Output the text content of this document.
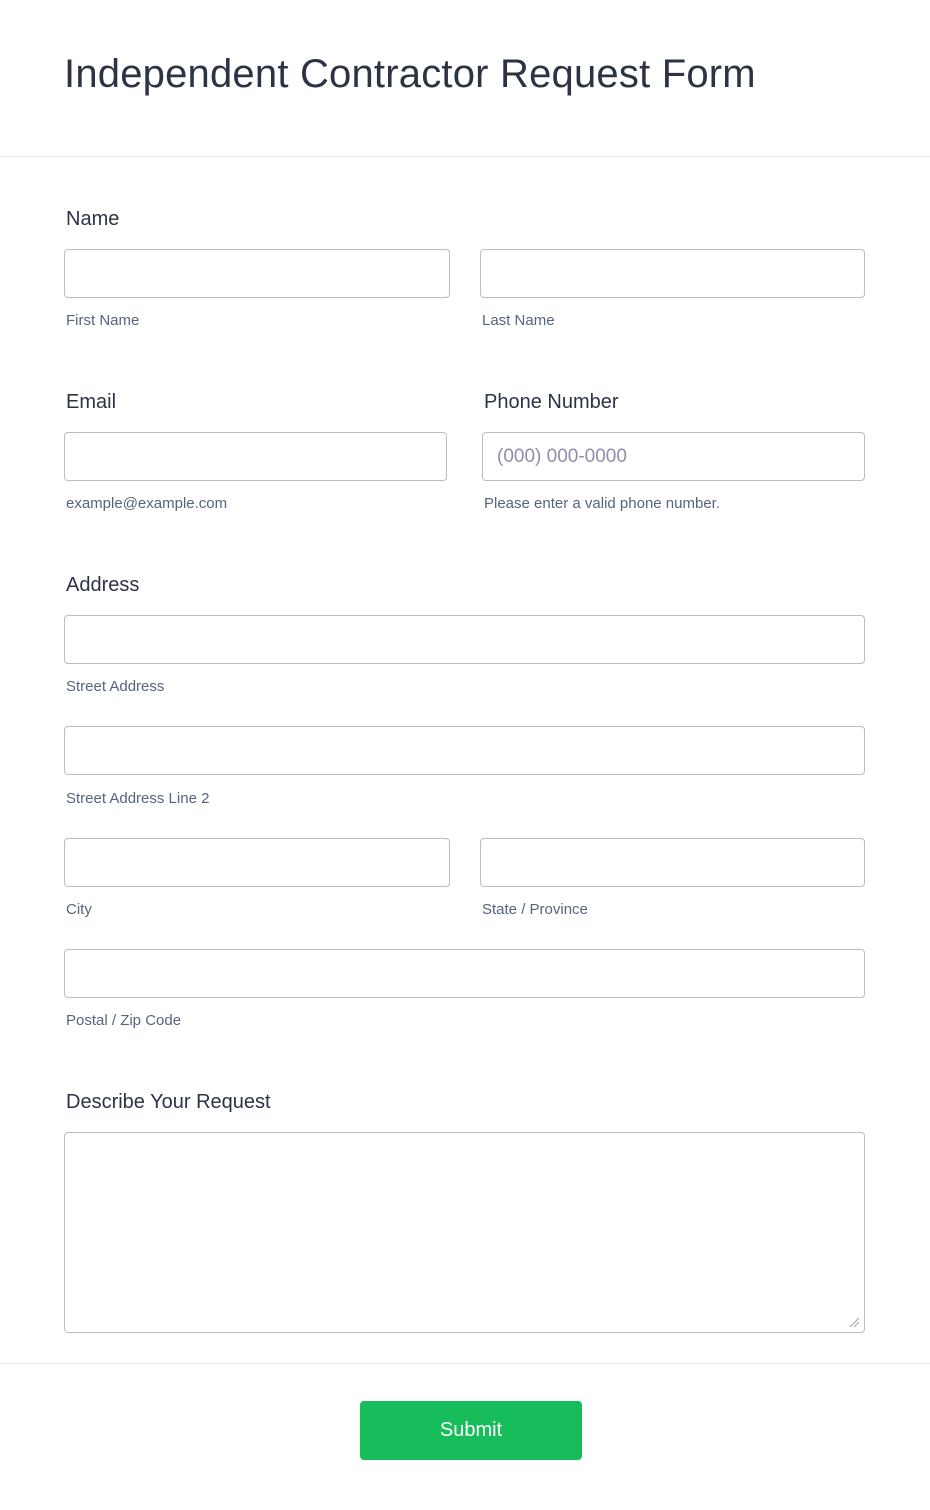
Independent Contractor Request Form
Name
First Name	Last Name
Email	Phone Number
(000) 000-0000
example@example.com	Please enter a valid phone number.
Address
Street Address
Street Address Line 2
City	State / Province
Postal / Zip Code
Describe Your Request
Submit
